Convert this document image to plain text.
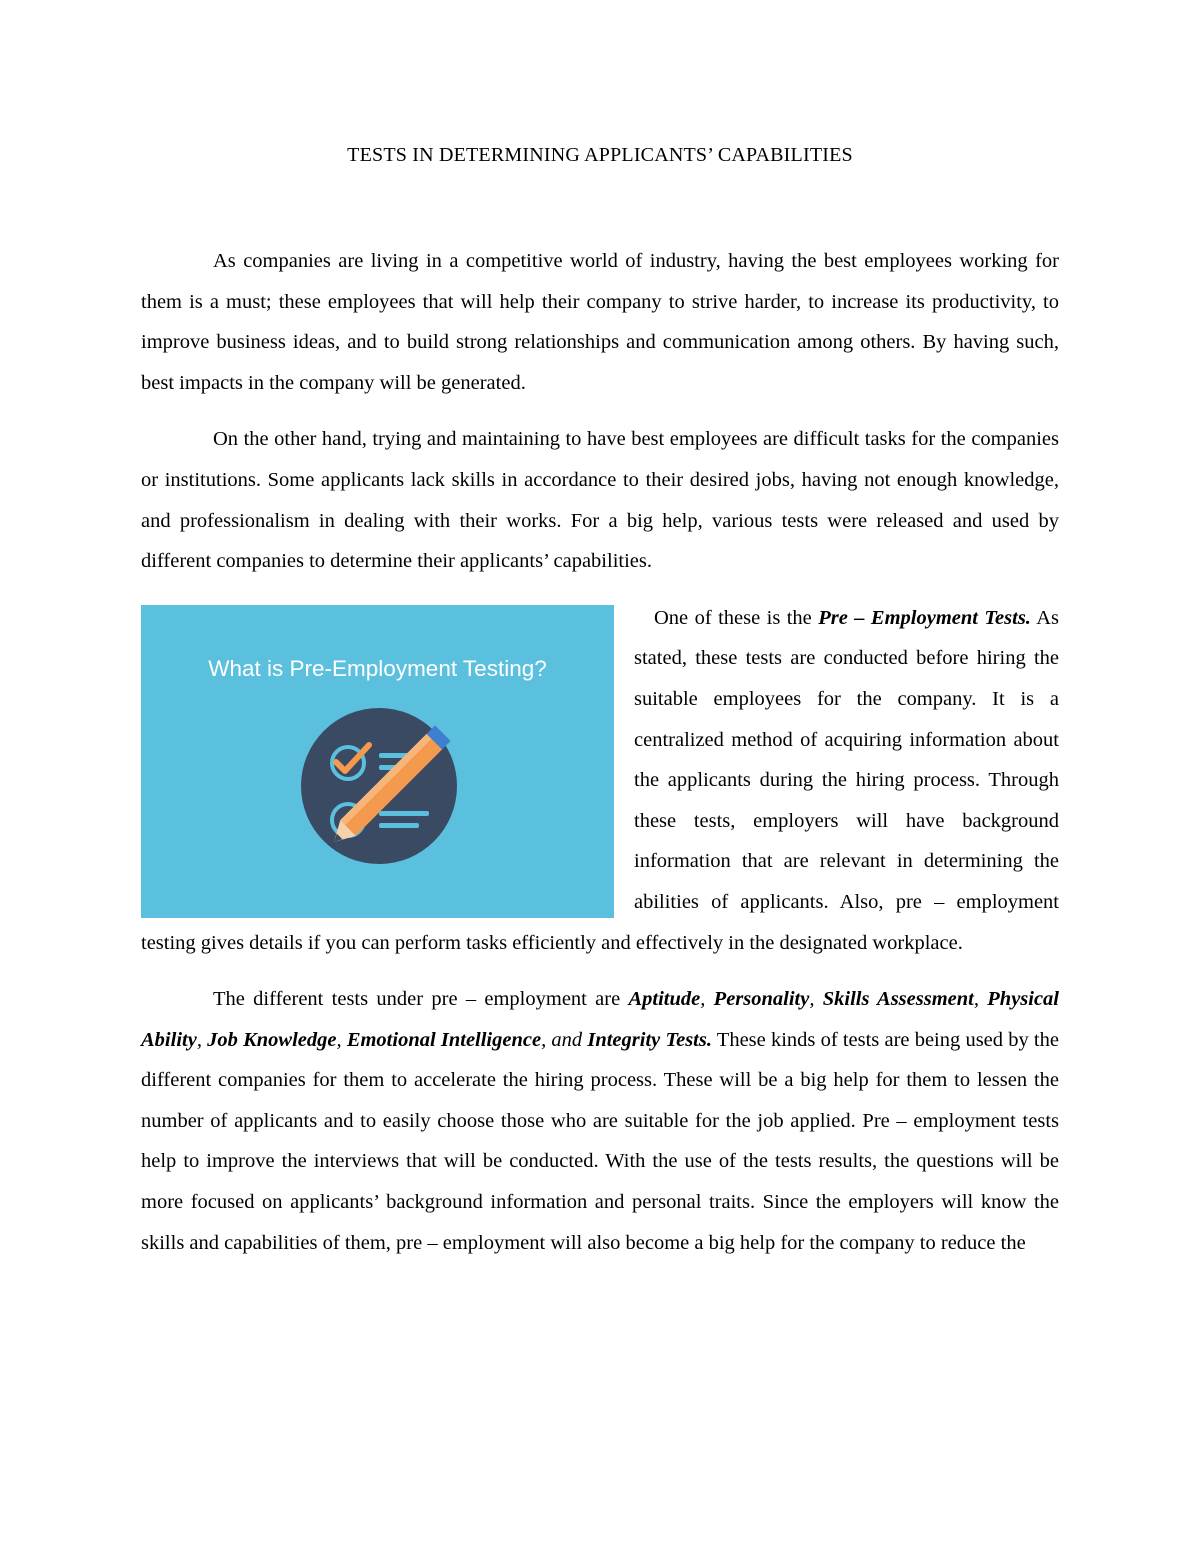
TESTS IN DETERMINING APPLICANTS’ CAPABILITIES

As companies are living in a competitive world of industry, having the best employees working for them is a must; these employees that will help their company to strive harder, to increase its productivity, to improve business ideas, and to build strong relationships and communication among others. By having such, best impacts in the company will be generated.

On the other hand, trying and maintaining to have best employees are difficult tasks for the companies or institutions. Some applicants lack skills in accordance to their desired jobs, having not enough knowledge, and professionalism in dealing with their works. For a big help, various tests were released and used by different companies to determine their applicants’ capabilities.

What is Pre-Employment Testing?

One of these is the Pre – Employment Tests. As stated, these tests are conducted before hiring the suitable employees for the company. It is a centralized method of acquiring information about the applicants during the hiring process. Through these tests, employers will have background information that are relevant in determining the abilities of applicants. Also, pre – employment testing gives details if you can perform tasks efficiently and effectively in the designated workplace.

The different tests under pre – employment are Aptitude, Personality, Skills Assessment, Physical Ability, Job Knowledge, Emotional Intelligence, and Integrity Tests. These kinds of tests are being used by the different companies for them to accelerate the hiring process. These will be a big help for them to lessen the number of applicants and to easily choose those who are suitable for the job applied. Pre – employment tests help to improve the interviews that will be conducted. With the use of the tests results, the questions will be more focused on applicants’ background information and personal traits. Since the employers will know the skills and capabilities of them, pre – employment will also become a big help for the company to reduce the
